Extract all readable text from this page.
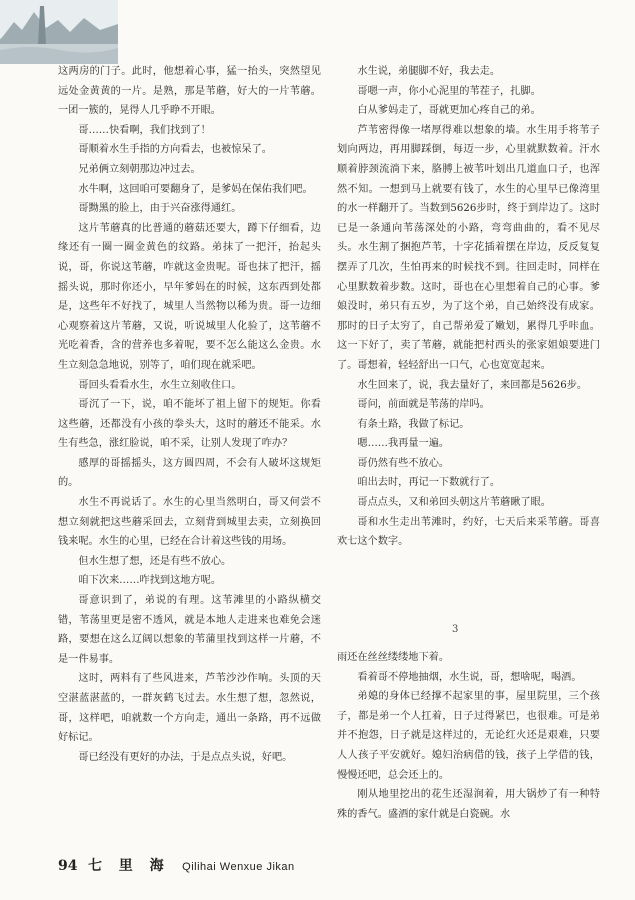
这两房的门子。此时，他想着心事，猛一抬头，突然望见远处金黄黄的一片。是熟，那是苇蘑，好大的一片苇蘑。一团一簇的，晃得人几乎睁不开眼。

哥……快看啊，我们找到了！

哥顺着水生手指的方向看去，也被惊呆了。

兄弟俩立刻朝那边冲过去。

水牛啊，这回咱可要翻身了，是爹妈在保佑我们吧。

哥黝黑的脸上，由于兴奋涨得通红。

这片苇蘑真的比普通的蘑菇还要大，蹲下仔细看，边缘还有一圈一圈金黄色的纹路。弟抹了一把汗，抬起头说，哥，你说这苇蘑，咋就这金贵呢。哥也抹了把汗，摇摇头说，那时你还小，早年爹妈在的时候，这东西到处都是，这些年不好找了，城里人当然物以稀为贵。哥一边细心观察着这片苇蘑，又说，听说城里人化验了，这苇蘑不光吃着香，含的营养也多着呢，要不怎么能这么金贵。水生立刻急急地说，别等了，咱们现在就采吧。

哥回头看看水生，水生立刻收住口。

哥沉了一下，说，咱不能坏了祖上留下的规矩。你看这些蘑，还都没有小孩的拳头大，这时的蘑还不能采。水生有些急，涨红脸说，咱不采，让别人发现了咋办？

感厚的哥摇摇头，这方圆四周，不会有人破坏这规矩的。

水生不再说话了。水生的心里当然明白，哥又何尝不想立刻就把这些蘑采回去，立刻背到城里去卖，立刻换回钱来呢。水生的心里，已经在合计着这些钱的用场。

但水生想了想，还是有些不放心。

咱下次来……咋找到这地方呢。

哥意识到了，弟说的有理。这苇滩里的小路纵横交错，苇荡里更是密不透风，就是本地人走进来也难免会迷路，要想在这么辽阔以想象的苇蒲里找到这样一片蘑，不是一件易事。

这时，两料有了些风进来，芦苇沙沙作响。头顶的天空湛蓝湛蓝的，一群灰鹤飞过去。水生想了想，忽然说，哥，这样吧，咱就数一个方向走，通出一条路，再不远做好标记。

哥已经没有更好的办法，于是点点头说，好吧。

水生说，弟腿脚不好，我去走。

哥嗯一声，你小心泥里的苇茬子，扎脚。

白从爹妈走了，哥就更加心疼自己的弟。

芦苇密得像一堵厚得难以想象的墙。水生用手将苇子划向两边，再用脚踩倒，每迈一步，心里就默数着。汗水顺着脖颈流淌下来，胳膊上被苇叶划出几道血口子，也浑然不知。一想到马上就要有钱了，水生的心里早已像湾里的水一样翻开了。当数到5626步时，终于到岸边了。这时已是一条通向苇荡深处的小路，弯弯曲曲的，看不见尽头。水生割了捆抱芦苇，十字花插着摆在岸边，反反复复摆弄了几次，生怕再来的时候找不到。往回走时，同样在心里默数着步数。这时，哥也在心里想着自己的心事。爹娘没时，弟只有五岁，为了这个弟，自己始终没有成家。那时的日子太穷了，自己帮弟爱了嫩划，累得几乎咔血。这一下好了，卖了苇蘑，就能把村西头的张家姐娘要进门了。哥想着，轻轻舒出一口气，心也宽宽起来。

水生回来了，说，我去量好了，来回都是5626步。

哥问，前面就是苇荡的岸吗。

有条土路，我做了标记。

嗯……我再量一遍。

哥仍然有些不放心。

咱出去时，再记一下数就行了。

哥点点头，又和弟回头朝这片苇蘑瞅了眼。

哥和水生走出苇滩时，约好，七天后来采苇蘑。哥喜欢七这个数字。

3

雨还在丝丝缕缕地下着。

看着哥不停地抽烟，水生说，哥，想啥呢，喝酒。

弟媳的身体已经撑不起家里的事，屋里院里，三个孩子，都是弟一个人扛着，日子过得紧巴，也很难。可是弟并不抱怨，日子就是这样过的，无论红火还是艰难，只要人人孩子平安就好。媳妇治病借的钱，孩子上学借的钱，慢慢还吧，总会还上的。

刚从地里挖出的花生还湿润着，用大锅炒了有一种特殊的香气。盛酒的家什就是白瓷碗。水

94 七 里 海 Qilihai Wenxue Jikan
